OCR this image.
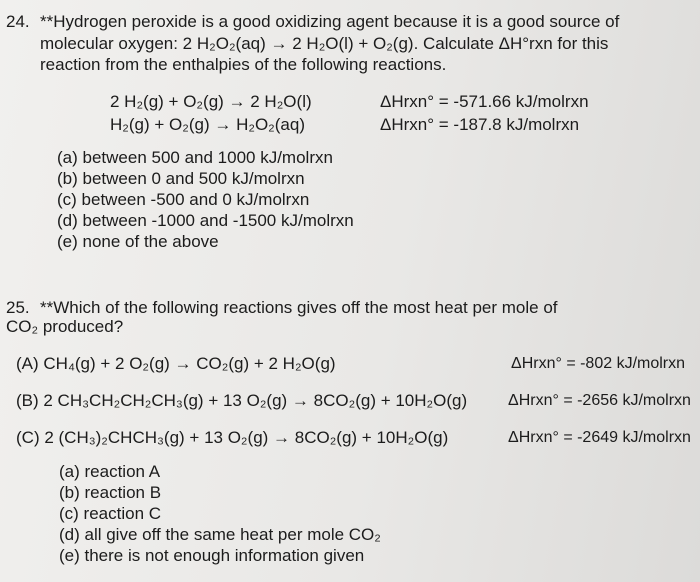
24. **Hydrogen peroxide is a good oxidizing agent because it is a good source of
molecular oxygen: 2 H₂O₂(aq) → 2 H₂O(l) + O₂(g). Calculate ΔH°rxn for this
reaction from the enthalpies of the following reactions.
2 H₂(g) + O₂(g) → 2 H₂O(l)	ΔHrxn° = -571.66 kJ/molrxn
H₂(g) + O₂(g) → H₂O₂(aq)	ΔHrxn° = -187.8 kJ/molrxn
(a) between 500 and 1000 kJ/molrxn
(b) between 0 and 500 kJ/molrxn
(c) between -500 and 0 kJ/molrxn
(d) between -1000 and -1500 kJ/molrxn
(e) none of the above
25. **Which of the following reactions gives off the most heat per mole of
CO₂ produced?
(A) CH₄(g) + 2 O₂(g) → CO₂(g) + 2 H₂O(g)	ΔHrxn° = -802 kJ/molrxn
(B) 2 CH₃CH₂CH₂CH₃(g) + 13 O₂(g) → 8CO₂(g) + 10H₂O(g)	ΔHrxn° = -2656 kJ/molrxn
(C) 2 (CH₃)₂CHCH₃(g) + 13 O₂(g) → 8CO₂(g) + 10H₂O(g)	ΔHrxn° = -2649 kJ/molrxn
(a) reaction A
(b) reaction B
(c) reaction C
(d) all give off the same heat per mole CO₂
(e) there is not enough information given
